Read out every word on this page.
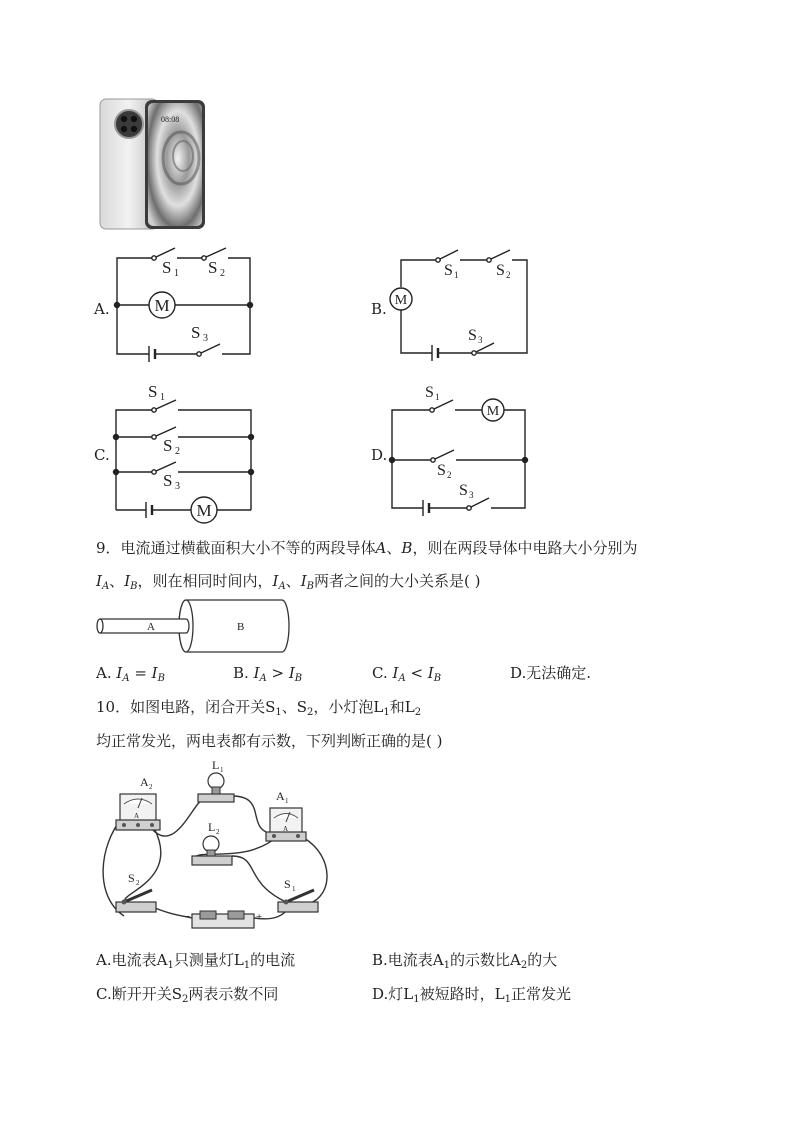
08:08
A.	M
S 1 S 2
S 3
B. M
S 1 S 2
S 3
C.
M
S 1
S 2
S 3
D.
M
S 1
S 2
S 3
9．电流通过横截面积大小不等的两段导体A、B，则在两段导体中电路大小分别为
$I_A$、$I_B$，则在相同时间内，$I_A$、$I_B$两者之间的大小关系是( )
A	B
A. $I_A = I_B$	B. $I_A > I_B$	C. $I_A < I_B$	D.无法确定.
10．如图电路，闭合开关$S_1$、$S_2$，小灯泡$L_1$和$L_2$
均正常发光，两电表都有示数，下列判断正确的是( )
A
A 2
L 1
A
A 1
L 2
S 2	S 1
−	+
A.电流表$A_1$只测量灯$L_1$的电流	B.电流表$A_1$的示数比$A_2$的大
C.断开开关$S_2$两表示数不同	D.灯$L_1$被短路时，$L_1$正常发光
